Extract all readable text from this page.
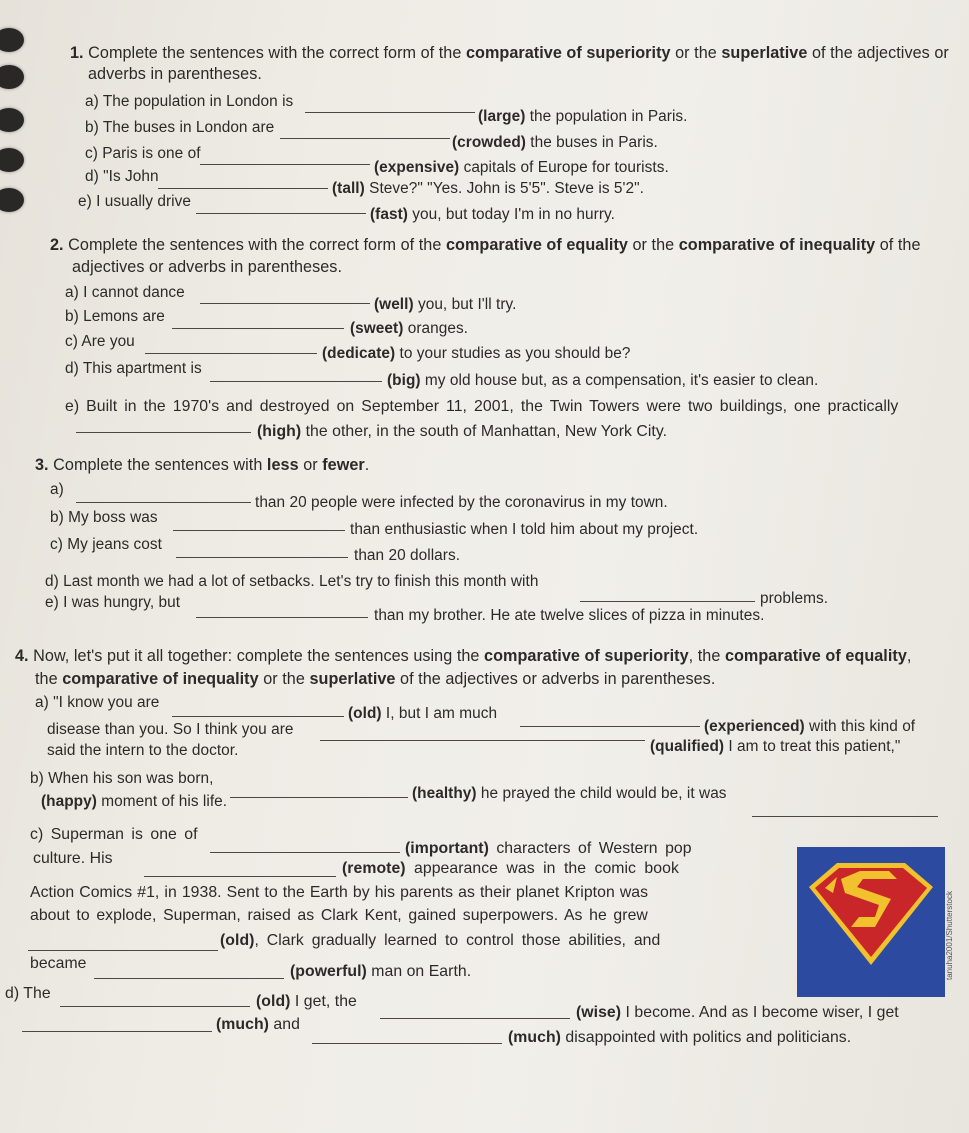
1. Complete the sentences with the correct form of the comparative of superiority or the superlative of the adjectives or
adverbs in parentheses.
a) The population in London is
(large) the population in Paris.
b) The buses in London are
(crowded) the buses in Paris.
c) Paris is one of
(expensive) capitals of Europe for tourists.
d) "Is John
(tall) Steve?" "Yes. John is 5'5". Steve is 5'2".
e) I usually drive
(fast) you, but today I'm in no hurry.
2. Complete the sentences with the correct form of the comparative of equality or the comparative of inequality of the
adjectives or adverbs in parentheses.
a) I cannot dance
(well) you, but I'll try.
b) Lemons are
(sweet) oranges.
c) Are you
(dedicate) to your studies as you should be?
d) This apartment is
(big) my old house but, as a compensation, it's easier to clean.
e) Built in the 1970's and destroyed on September 11, 2001, the Twin Towers were two buildings, one practically
(high) the other, in the south of Manhattan, New York City.
3. Complete the sentences with less or fewer.
a)
than 20 people were infected by the coronavirus in my town.
b) My boss was
than enthusiastic when I told him about my project.
c) My jeans cost
than 20 dollars.
d) Last month we had a lot of setbacks. Let's try to finish this month with
problems.
e) I was hungry, but
than my brother. He ate twelve slices of pizza in minutes.
4. Now, let's put it all together: complete the sentences using the comparative of superiority, the comparative of equality,
the comparative of inequality or the superlative of the adjectives or adverbs in parentheses.
a) "I know you are
(old) I, but I am much
(experienced) with this kind of
disease than you. So I think you are
(qualified) I am to treat this patient,"
said the intern to the doctor.
b) When his son was born,
(healthy) he prayed the child would be, it was
(happy) moment of his life.
c) Superman is one of
(important) characters of Western pop
culture. His
(remote) appearance was in the comic book
Action Comics #1, in 1938. Sent to the Earth by his parents as their planet Kripton was
about to explode, Superman, raised as Clark Kent, gained superpowers. As he grew
(old), Clark gradually learned to control those abilities, and
became	(powerful) man on Earth.
d) The	(old) I get, the
(wise) I become. And as I become wiser, I get
(much) and
(much) disappointed with politics and politicians.
tanuha2001/Shutterstock
